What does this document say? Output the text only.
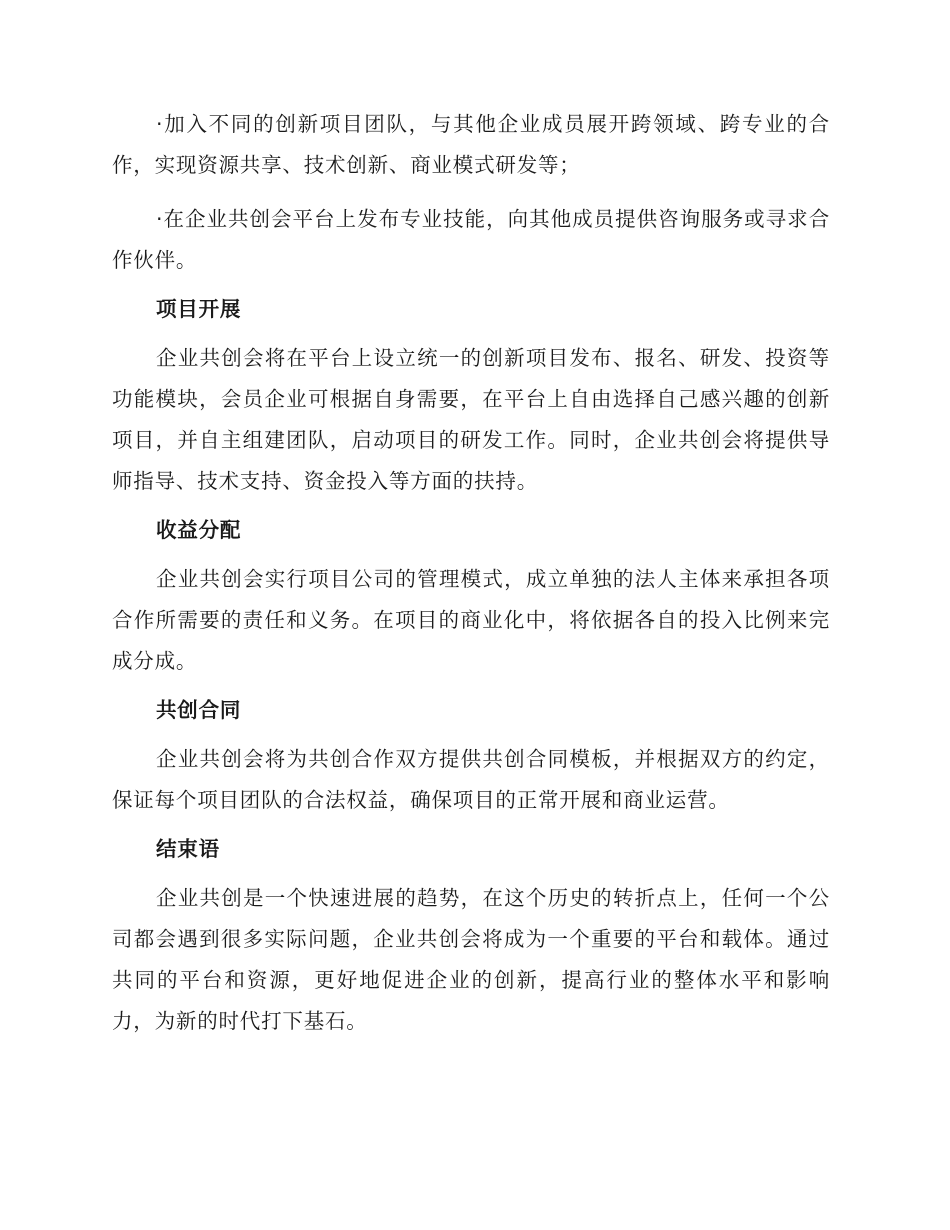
·加入不同的创新项目团队，与其他企业成员展开跨领域、跨专业的合作，实现资源共享、技术创新、商业模式研发等；

·在企业共创会平台上发布专业技能，向其他成员提供咨询服务或寻求合作伙伴。

项目开展

企业共创会将在平台上设立统一的创新项目发布、报名、研发、投资等功能模块，会员企业可根据自身需要，在平台上自由选择自己感兴趣的创新项目，并自主组建团队，启动项目的研发工作。同时，企业共创会将提供导师指导、技术支持、资金投入等方面的扶持。

收益分配

企业共创会实行项目公司的管理模式，成立单独的法人主体来承担各项合作所需要的责任和义务。在项目的商业化中，将依据各自的投入比例来完成分成。

共创合同

企业共创会将为共创合作双方提供共创合同模板，并根据双方的约定，保证每个项目团队的合法权益，确保项目的正常开展和商业运营。

结束语

企业共创是一个快速进展的趋势，在这个历史的转折点上，任何一个公司都会遇到很多实际问题，企业共创会将成为一个重要的平台和载体。通过共同的平台和资源，更好地促进企业的创新，提高行业的整体水平和影响力，为新的时代打下基石。
